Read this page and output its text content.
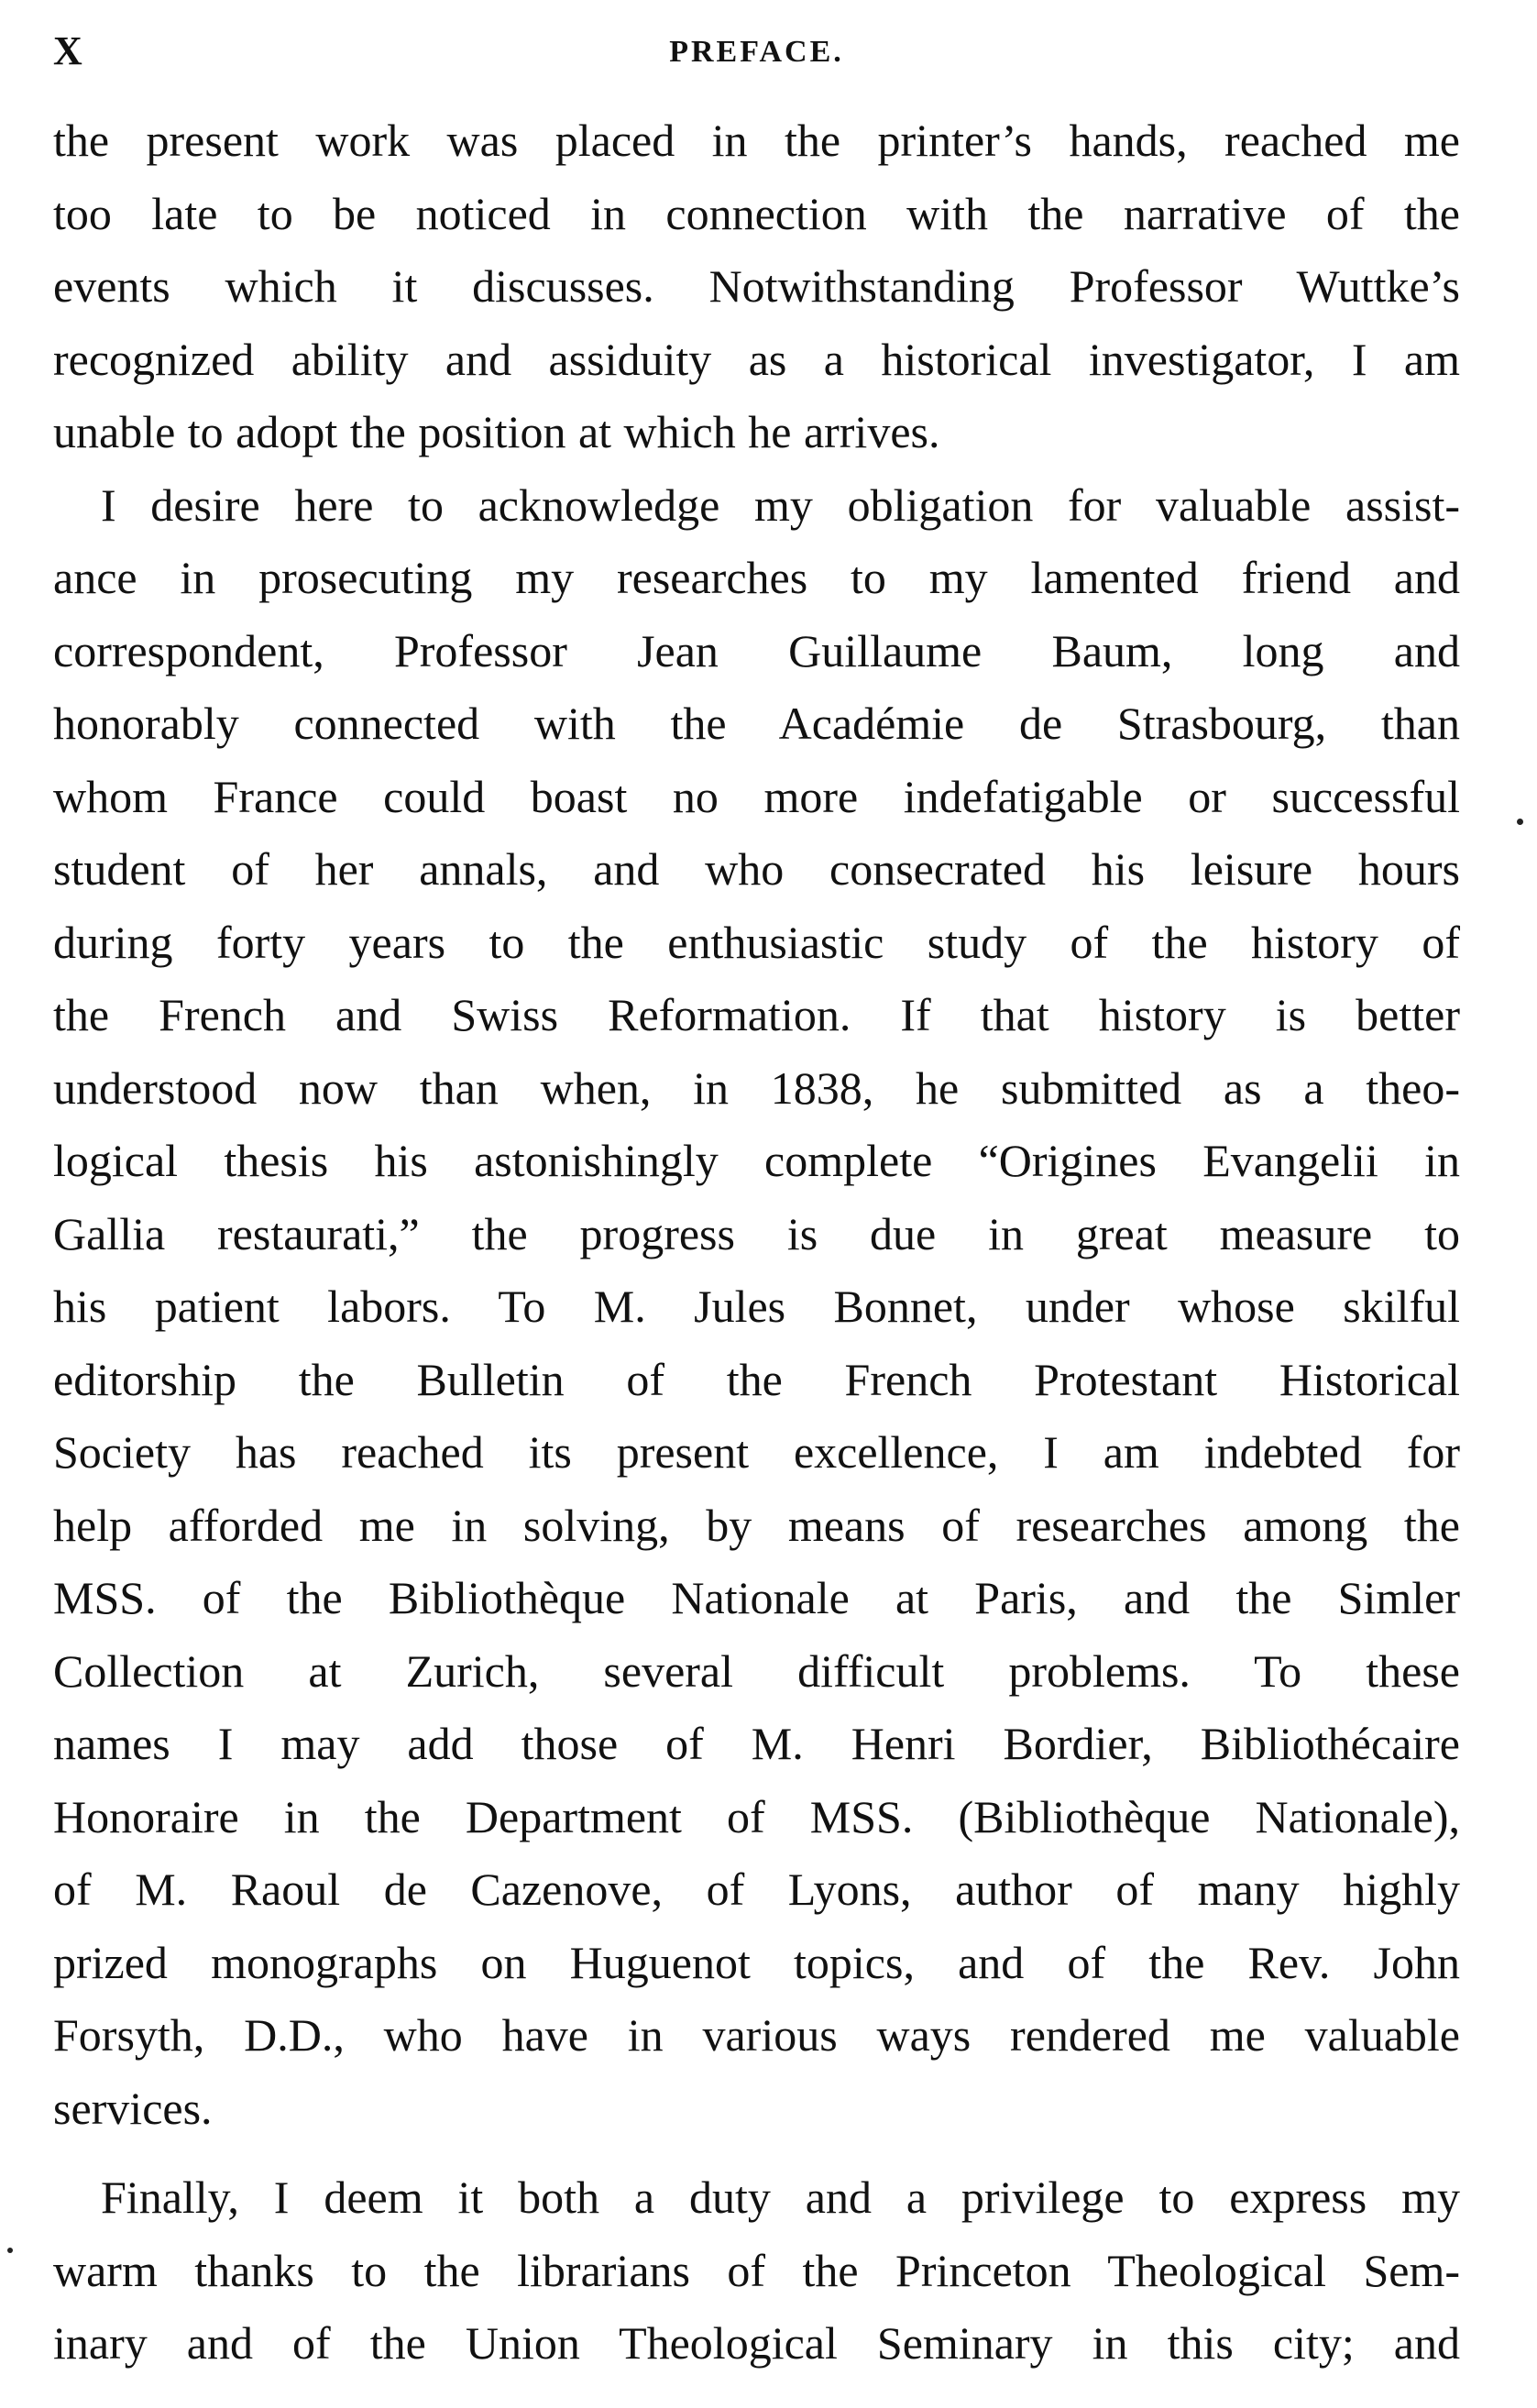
X	PREFACE.
the present work was placed in the printer’s hands, reached me
too late to be noticed in connection with the narrative of the
events which it discusses. Notwithstanding Professor Wuttke’s
recognized ability and assiduity as a historical investigator, I am
unable to adopt the position at which he arrives.
I desire here to acknowledge my obligation for valuable assist-
ance in prosecuting my researches to my lamented friend and
correspondent, Professor Jean Guillaume Baum, long and
honorably connected with the Académie de Strasbourg, than
whom France could boast no more indefatigable or successful
student of her annals, and who consecrated his leisure hours
during forty years to the enthusiastic study of the history of
the French and Swiss Reformation. If that history is better
understood now than when, in 1838, he submitted as a theo-
logical thesis his astonishingly complete “Origines Evangelii in
Gallia restaurati,” the progress is due in great measure to
his patient labors. To M. Jules Bonnet, under whose skilful
editorship the Bulletin of the French Protestant Historical
Society has reached its present excellence, I am indebted for
help afforded me in solving, by means of researches among the
MSS. of the Bibliothèque Nationale at Paris, and the Simler
Collection at Zurich, several difficult problems. To these
names I may add those of M. Henri Bordier, Bibliothécaire
Honoraire in the Department of MSS. (Bibliothèque Nationale),
of M. Raoul de Cazenove, of Lyons, author of many highly
prized monographs on Huguenot topics, and of the Rev. John
Forsyth, D.D., who have in various ways rendered me valuable
services.
Finally, I deem it both a duty and a privilege to express my
warm thanks to the librarians of the Princeton Theological Sem-
inary and of the Union Theological Seminary in this city; and
